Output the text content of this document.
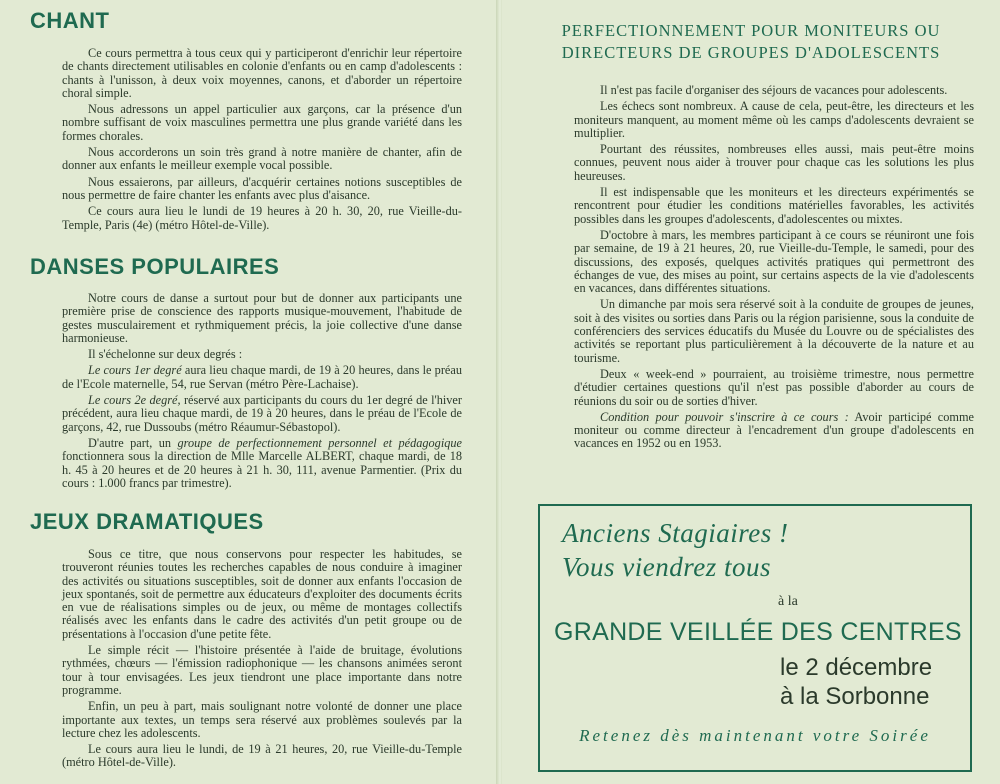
CHANT

Ce cours permettra à tous ceux qui y participeront d'enrichir leur répertoire de chants directement utilisables en colonie d'enfants ou en camp d'adolescents : chants à l'unisson, à deux voix moyennes, canons, et d'aborder un répertoire choral simple.

Nous adressons un appel particulier aux garçons, car la présence d'un nombre suffisant de voix masculines permettra une plus grande variété dans les formes chorales.

Nous accorderons un soin très grand à notre manière de chanter, afin de donner aux enfants le meilleur exemple vocal possible.

Nous essaierons, par ailleurs, d'acquérir certaines notions susceptibles de nous permettre de faire chanter les enfants avec plus d'aisance.

Ce cours aura lieu le lundi de 19 heures à 20 h. 30, 20, rue Vieille-du-Temple, Paris (4e) (métro Hôtel-de-Ville).

DANSES POPULAIRES

Notre cours de danse a surtout pour but de donner aux participants une première prise de conscience des rapports musique-mouvement, l'habitude de gestes musculairement et rythmiquement précis, la joie collective d'une danse harmonieuse.

Il s'échelonne sur deux degrés :

Le cours 1er degré aura lieu chaque mardi, de 19 à 20 heures, dans le préau de l'Ecole maternelle, 54, rue Servan (métro Père-Lachaise).

Le cours 2e degré, réservé aux participants du cours du 1er degré de l'hiver précédent, aura lieu chaque mardi, de 19 à 20 heures, dans le préau de l'Ecole de garçons, 42, rue Dussoubs (métro Réaumur-Sébastopol).

D'autre part, un groupe de perfectionnement personnel et pédagogique fonctionnera sous la direction de Mlle Marcelle ALBERT, chaque mardi, de 18 h. 45 à 20 heures et de 20 heures à 21 h. 30, 111, avenue Parmentier. (Prix du cours : 1.000 francs par trimestre).

JEUX DRAMATIQUES

Sous ce titre, que nous conservons pour respecter les habitudes, se trouveront réunies toutes les recherches capables de nous conduire à imaginer des activités ou situations susceptibles, soit de donner aux enfants l'occasion de jeux spontanés, soit de permettre aux éducateurs d'exploiter des documents écrits en vue de réalisations simples ou de jeux, ou même de montages collectifs réalisés avec les enfants dans le cadre des activités d'un petit groupe ou de présentations à l'occasion d'une petite fête.

Le simple récit — l'histoire présentée à l'aide de bruitage, évolutions rythmées, chœurs — l'émission radiophonique — les chansons animées seront tour à tour envisagées. Les jeux tiendront une place importante dans notre programme.

Enfin, un peu à part, mais soulignant notre volonté de donner une place importante aux textes, un temps sera réservé aux problèmes soulevés par la lecture chez les adolescents.

Le cours aura lieu le lundi, de 19 à 21 heures, 20, rue Vieille-du-Temple (métro Hôtel-de-Ville).

PERFECTIONNEMENT POUR MONITEURS OU
DIRECTEURS DE GROUPES D'ADOLESCENTS

Il n'est pas facile d'organiser des séjours de vacances pour adolescents.

Les échecs sont nombreux. A cause de cela, peut-être, les directeurs et les moniteurs manquent, au moment même où les camps d'adolescents devraient se multiplier.

Pourtant des réussites, nombreuses elles aussi, mais peut-être moins connues, peuvent nous aider à trouver pour chaque cas les solutions les plus heureuses.

Il est indispensable que les moniteurs et les directeurs expérimentés se rencontrent pour étudier les conditions matérielles favorables, les activités possibles dans les groupes d'adolescents, d'adolescentes ou mixtes.

D'octobre à mars, les membres participant à ce cours se réuniront une fois par semaine, de 19 à 21 heures, 20, rue Vieille-du-Temple, le samedi, pour des discussions, des exposés, quelques activités pratiques qui permettront des échanges de vue, des mises au point, sur certains aspects de la vie d'adolescents en vacances, dans différentes situations.

Un dimanche par mois sera réservé soit à la conduite de groupes de jeunes, soit à des visites ou sorties dans Paris ou la région parisienne, sous la conduite de conférenciers des services éducatifs du Musée du Louvre ou de spécialistes des activités se reportant plus particulièrement à la découverte de la nature et au tourisme.

Deux « week-end » pourraient, au troisième trimestre, nous permettre d'étudier certaines questions qu'il n'est pas possible d'aborder au cours de réunions du soir ou de sorties d'hiver.

Condition pour pouvoir s'inscrire à ce cours : Avoir participé comme moniteur ou comme directeur à l'encadrement d'un groupe d'adolescents en vacances en 1952 ou en 1953.

Anciens Stagiaires !
Vous viendrez tous
à la
GRANDE VEILLÉE DES CENTRES
le 2 décembre
à la Sorbonne
Retenez dès maintenant votre Soirée
